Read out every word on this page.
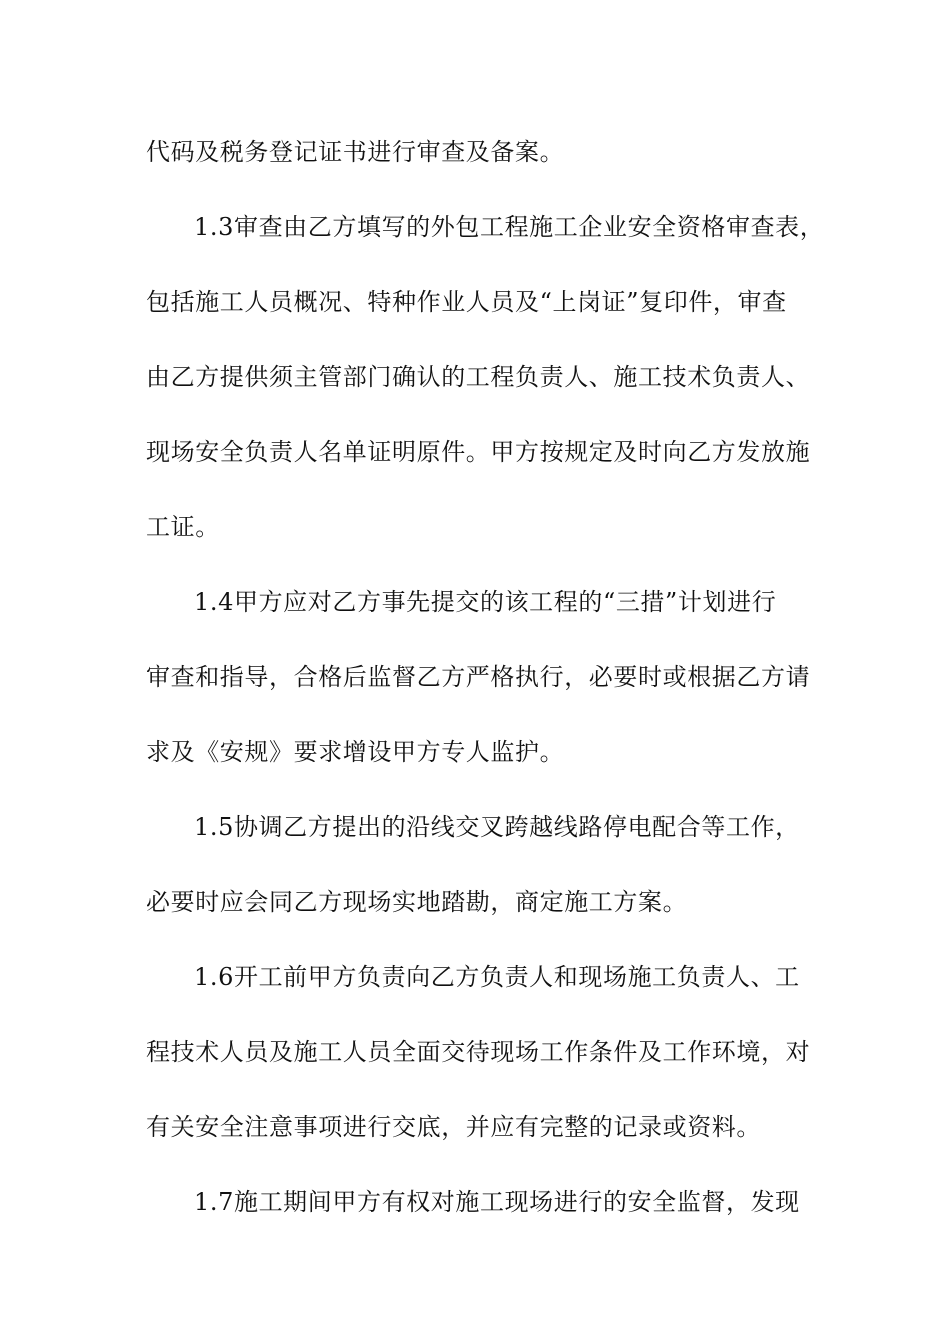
代码及税务登记证书进行审查及备案。
1.3审查由乙方填写的外包工程施工企业安全资格审查表，
包括施工人员概况、特种作业人员及“上岗证”复印件，审查
由乙方提供须主管部门确认的工程负责人、施工技术负责人、
现场安全负责人名单证明原件。甲方按规定及时向乙方发放施
工证。
1.4甲方应对乙方事先提交的该工程的“三措”计划进行
审查和指导，合格后监督乙方严格执行，必要时或根据乙方请
求及《安规》要求增设甲方专人监护。
1.5协调乙方提出的沿线交叉跨越线路停电配合等工作，
必要时应会同乙方现场实地踏勘，商定施工方案。
1.6开工前甲方负责向乙方负责人和现场施工负责人、工
程技术人员及施工人员全面交待现场工作条件及工作环境，对
有关安全注意事项进行交底，并应有完整的记录或资料。
1.7施工期间甲方有权对施工现场进行的安全监督，发现
